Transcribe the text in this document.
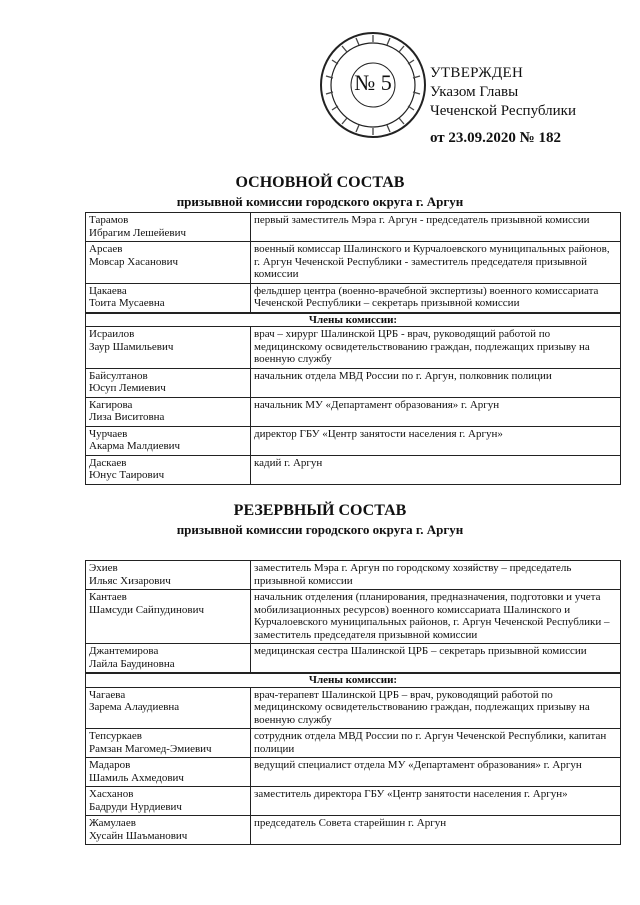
№ 5	УТВЕРЖДЕН
Указом Главы
Чеченской Республики
от 23.09.2020 № 182
ОСНОВНОЙ СОСТАВ
призывной комиссии городского округа г. Аргун
Тарамов
Ибрагим Лешейевич	первый заместитель Мэра г. Аргун - председатель призывной комиссии

Арсаев
Мовсар Хасанович	военный комиссар Шалинского и Курчалоевского муниципальных районов, г. Аргун Чеченской Республики - заместитель председателя призывной комиссии

Цакаева
Тоита Мусаевна	фельдшер центра (военно-врачебной экспертизы) военного комиссариата Чеченской Республики – секретарь призывной комиссии
Члены комиссии:	

Исраилов
Заур Шамильевич	врач – хирург Шалинской ЦРБ - врач, руководящий работой по медицинскому освидетельствованию граждан, подлежащих призыву на военную службу

Байсултанов
Юсуп Лемиевич	начальник отдела МВД России по г. Аргун, полковник полиции

Кагирова
Лиза Виситовна	начальник МУ «Департамент образования» г. Аргун

Чурчаев
Акарма Малдиевич	директор ГБУ «Центр занятости населения г. Аргун»

Даскаев
Юнус Таирович	кадий г. Аргун
РЕЗЕРВНЫЙ СОСТАВ
призывной комиссии городского округа г. Аргун
Эхиев
Ильяс Хизарович	заместитель Мэра г. Аргун по городскому хозяйству – председатель призывной комиссии

Кантаев
Шамсуди Сайпудинович	начальник отделения (планирования, предназначения, подготовки и учета мобилизационных ресурсов) военного комиссариата Шалинского и Курчалоевского муниципальных районов, г. Аргун Чеченской Республики – заместитель председателя призывной комиссии

Джантемирова
Лайла Баудиновна	медицинская сестра Шалинской ЦРБ – секретарь призывной комиссии
Члены комиссии:	

Чагаева
Зарема Алаудиевна	врач-терапевт Шалинской ЦРБ – врач, руководящий работой по медицинскому освидетельствованию граждан, подлежащих призыву на военную службу

Тепсуркаев
Рамзан Магомед-Эмиевич	сотрудник отдела МВД России по г. Аргун Чеченской Республики, капитан полиции

Мадаров
Шамиль Ахмедович	ведущий специалист отдела МУ «Департамент образования» г. Аргун

Хасханов
Бадруди Нурдиевич	заместитель директора ГБУ «Центр занятости населения г. Аргун»

Жамулаев
Хусайн Шаъманович	председатель Совета старейшин г. Аргун
